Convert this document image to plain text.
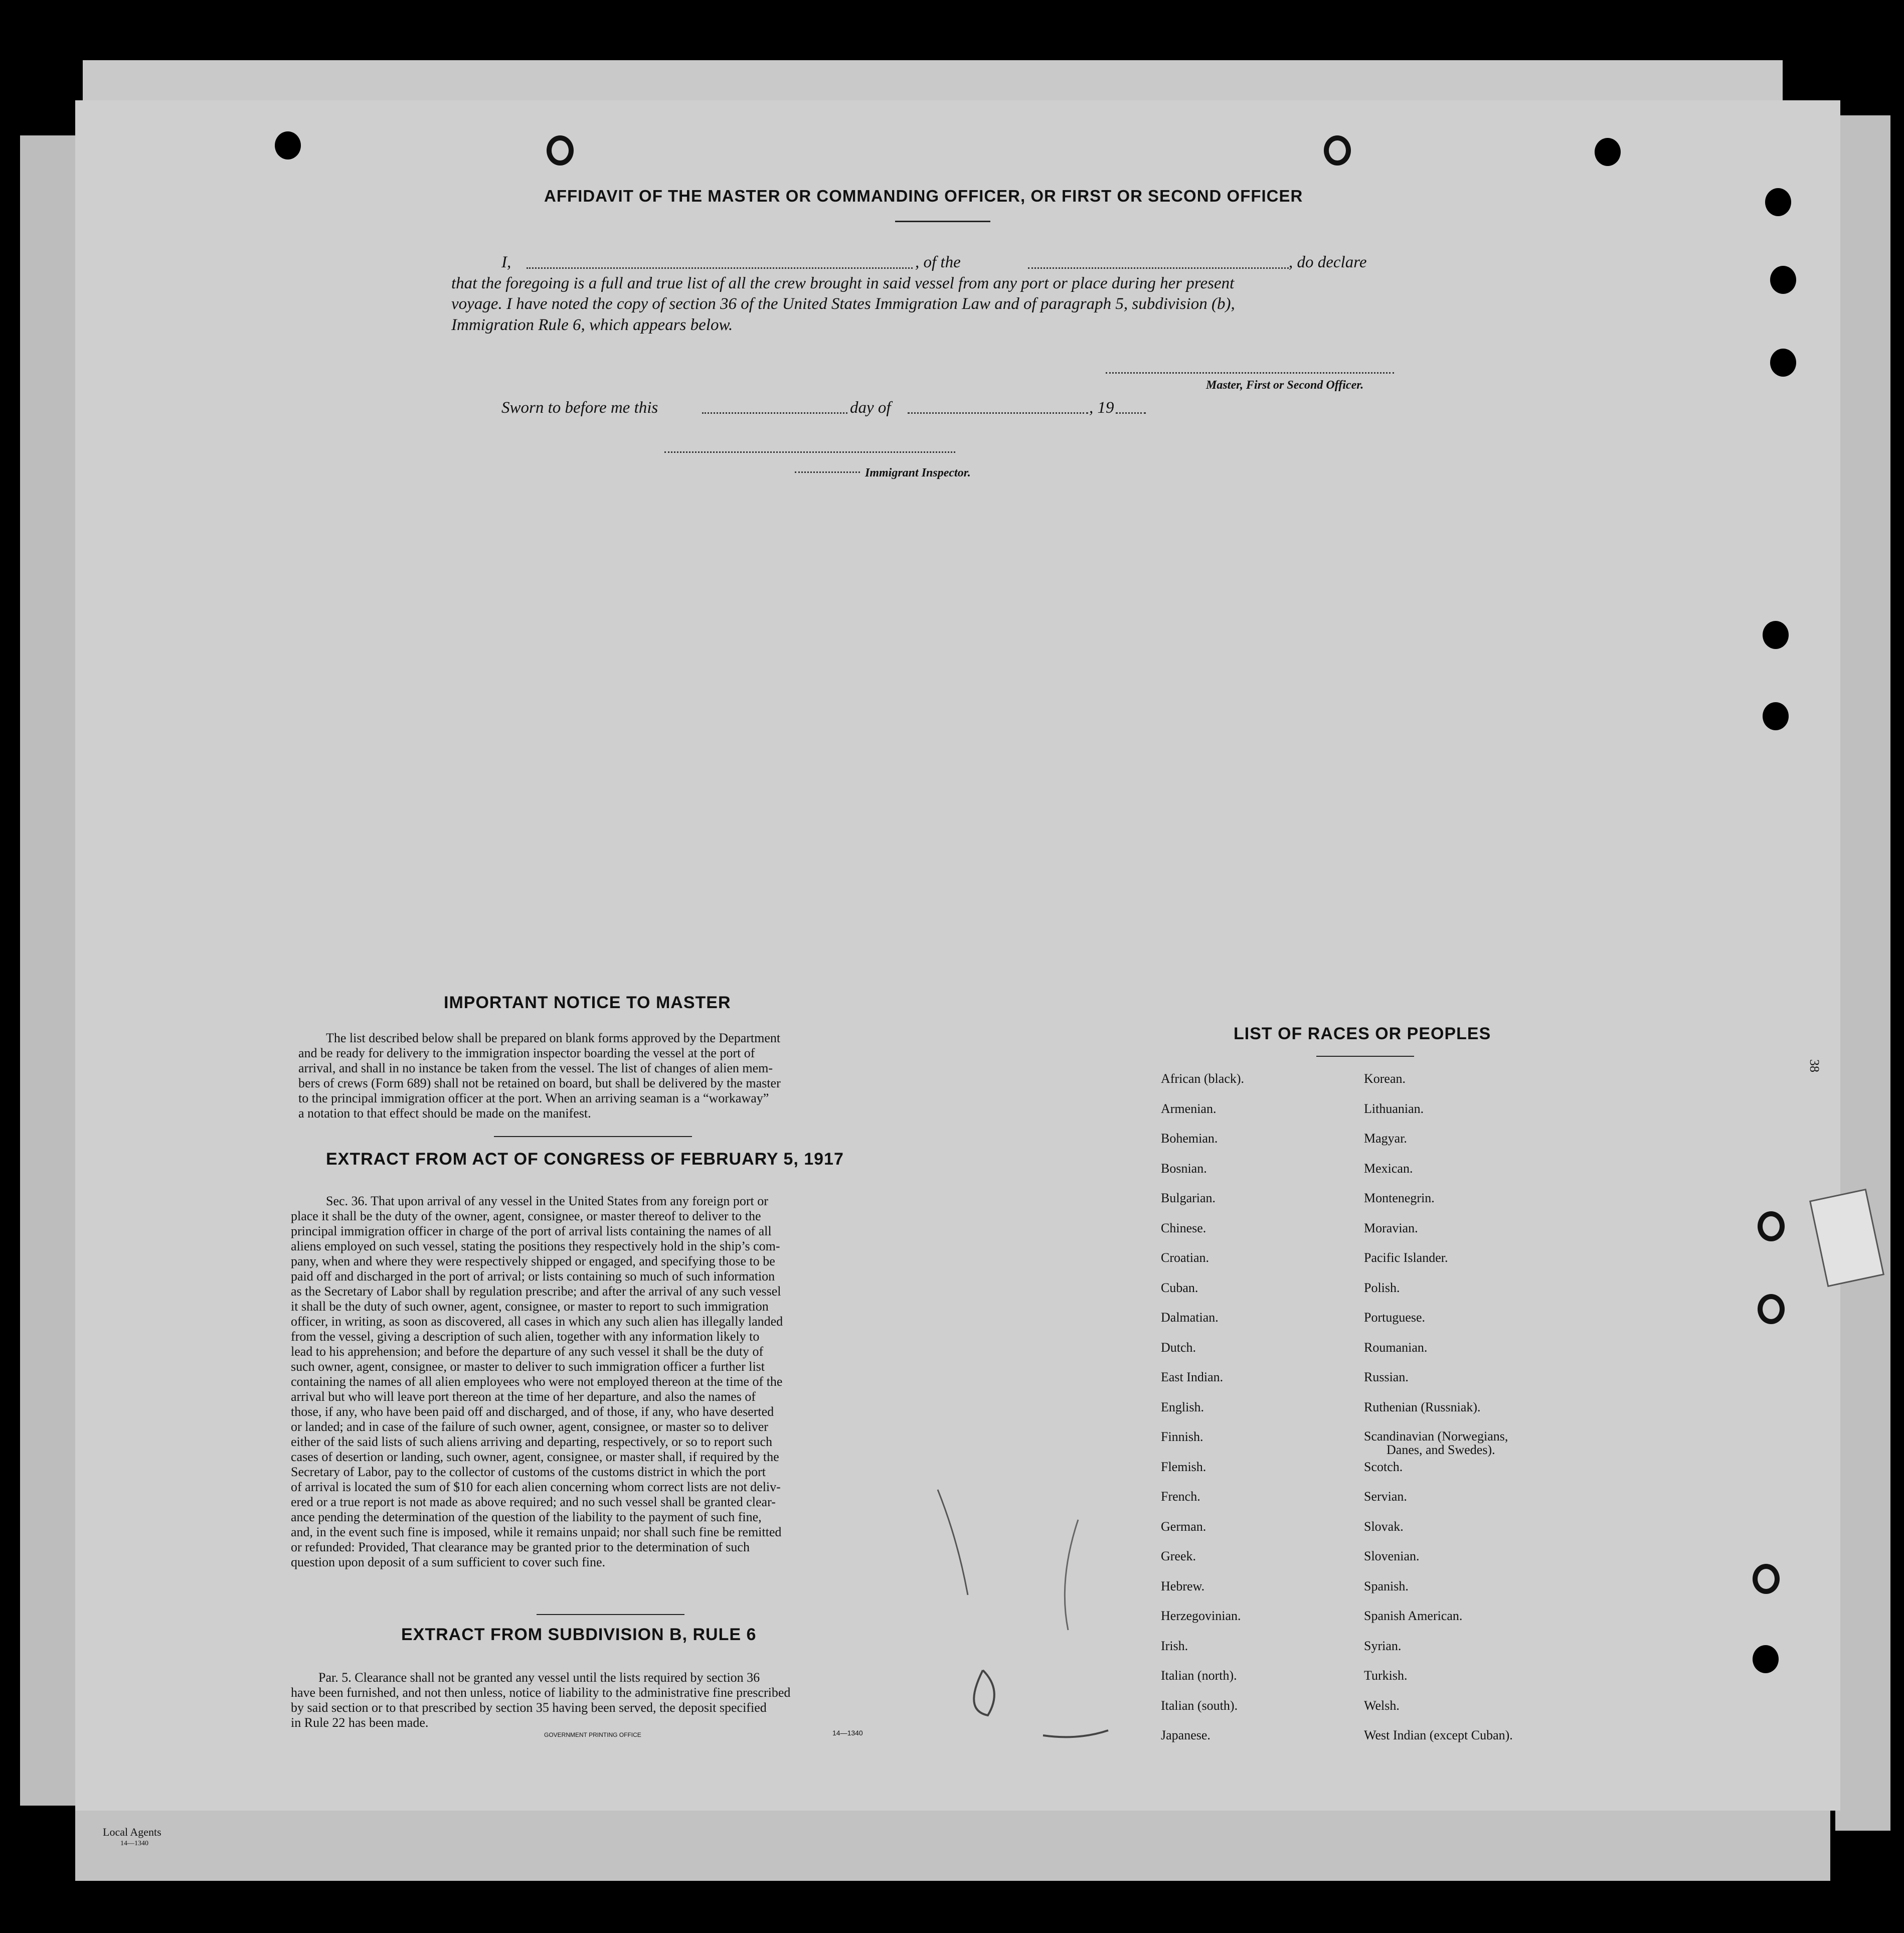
AFFIDAVIT OF THE MASTER OR COMMANDING OFFICER, OR FIRST OR SECOND OFFICER
I,	, of the	, do declare
that the foregoing is a full and true list of all the crew brought in said vessel from any port or place during her present
voyage. I have noted the copy of section 36 of the United States Immigration Law and of paragraph 5, subdivision (b),
Immigration Rule 6, which appears below.
Master, First or Second Officer.
Sworn to before me this	day of	, 19
Immigrant Inspector.
IMPORTANT NOTICE TO MASTER
The list described below shall be prepared on blank forms approved by the Department
and be ready for delivery to the immigration inspector boarding the vessel at the port of
arrival, and shall in no instance be taken from the vessel. The list of changes of alien mem-
bers of crews (Form 689) shall not be retained on board, but shall be delivered by the master
to the principal immigration officer at the port. When an arriving seaman is a “workaway”
a notation to that effect should be made on the manifest.
EXTRACT FROM ACT OF CONGRESS OF FEBRUARY 5, 1917
Sec. 36. That upon arrival of any vessel in the United States from any foreign port or
place it shall be the duty of the owner, agent, consignee, or master thereof to deliver to the
principal immigration officer in charge of the port of arrival lists containing the names of all
aliens employed on such vessel, stating the positions they respectively hold in the ship’s com-
pany, when and where they were respectively shipped or engaged, and specifying those to be
paid off and discharged in the port of arrival; or lists containing so much of such information
as the Secretary of Labor shall by regulation prescribe; and after the arrival of any such vessel
it shall be the duty of such owner, agent, consignee, or master to report to such immigration
officer, in writing, as soon as discovered, all cases in which any such alien has illegally landed
from the vessel, giving a description of such alien, together with any information likely to
lead to his apprehension; and before the departure of any such vessel it shall be the duty of
such owner, agent, consignee, or master to deliver to such immigration officer a further list
containing the names of all alien employees who were not employed thereon at the time of the
arrival but who will leave port thereon at the time of her departure, and also the names of
those, if any, who have been paid off and discharged, and of those, if any, who have deserted
or landed; and in case of the failure of such owner, agent, consignee, or master so to deliver
either of the said lists of such aliens arriving and departing, respectively, or so to report such
cases of desertion or landing, such owner, agent, consignee, or master shall, if required by the
Secretary of Labor, pay to the collector of customs of the customs district in which the port
of arrival is located the sum of $10 for each alien concerning whom correct lists are not deliv-
ered or a true report is not made as above required; and no such vessel shall be granted clear-
ance pending the determination of the question of the liability to the payment of such fine,
and, in the event such fine is imposed, while it remains unpaid; nor shall such fine be remitted
or refunded: Provided, That clearance may be granted prior to the determination of such
question upon deposit of a sum sufficient to cover such fine.
EXTRACT FROM SUBDIVISION B, RULE 6
Par. 5. Clearance shall not be granted any vessel until the lists required by section 36
have been furnished, and not then unless, notice of liability to the administrative fine prescribed
by said section or to that prescribed by section 35 having been served, the deposit specified
in Rule 22 has been made.
GOVERNMENT PRINTING OFFICE	14—1340
LIST OF RACES OR PEOPLES
African (black).
Armenian.
Bohemian.
Bosnian.
Bulgarian.
Chinese.
Croatian.
Cuban.
Dalmatian.
Dutch.
East Indian.
English.
Finnish.
Flemish.
French.
German.
Greek.
Hebrew.
Herzegovinian.
Irish.
Italian (north).
Italian (south).
Japanese.
Korean.
Lithuanian.
Magyar.
Mexican.
Montenegrin.
Moravian.
Pacific Islander.
Polish.
Portuguese.
Roumanian.
Russian.
Ruthenian (Russniak).
Scandinavian (Norwegians,
Danes, and Swedes).
Scotch.
Servian.
Slovak.
Slovenian.
Spanish.
Spanish American.
Syrian.
Turkish.
Welsh.
West Indian (except Cuban).
38
Local Agents
14—1340
